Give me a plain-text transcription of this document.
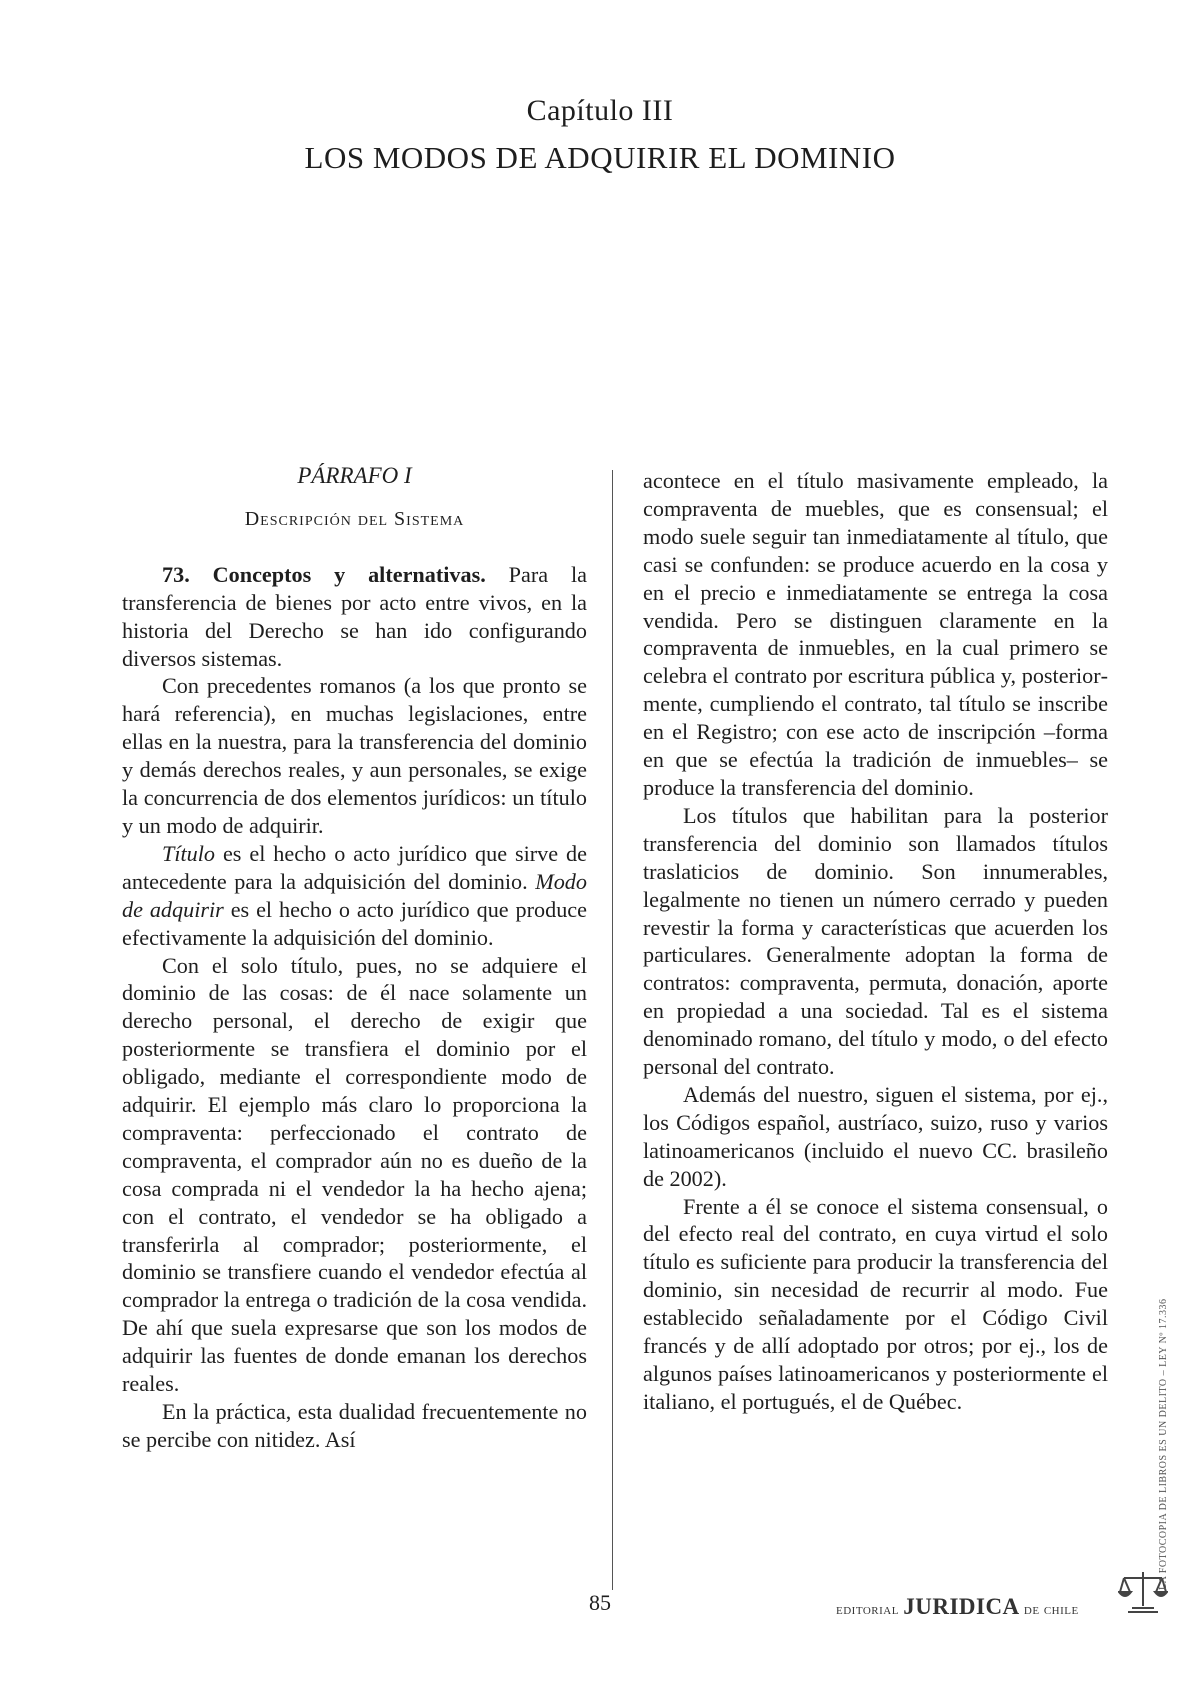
Capítulo III
LOS MODOS DE ADQUIRIR EL DOMINIO
PÁRRAFO I
Descripción del Sistema

73. Conceptos y alternativas. Para la transferencia de bienes por acto entre vivos, en la historia del Derecho se han ido configurando diversos sistemas.

Con precedentes romanos (a los que pronto se hará referencia), en muchas legislaciones, entre ellas en la nuestra, para la transferencia del dominio y demás derechos reales, y aun personales, se exige la concurrencia de dos elementos jurídicos: un título y un modo de adquirir.

Título es el hecho o acto jurídico que sirve de antecedente para la adquisición del dominio. Modo de adquirir es el hecho o acto jurídico que produce efectivamente la adquisición del dominio.

Con el solo título, pues, no se adquiere el dominio de las cosas: de él nace solamente un derecho personal, el derecho de exigir que posteriormente se transfiera el dominio por el obligado, mediante el correspondiente modo de adquirir. El ejemplo más claro lo proporciona la compraventa: perfeccionado el contrato de compraventa, el comprador aún no es dueño de la cosa comprada ni el vendedor la ha hecho ajena; con el contrato, el vendedor se ha obligado a transferirla al comprador; posteriormente, el dominio se transfiere cuando el vendedor efectúa al comprador la entrega o tradición de la cosa vendida. De ahí que suela expresarse que son los modos de adquirir las fuentes de donde emanan los derechos reales.

En la práctica, esta dualidad frecuentemente no se percibe con nitidez. Así

acontece en el título masivamente empleado, la compraventa de muebles, que es consensual; el modo suele seguir tan inmediatamente al título, que casi se confunden: se produce acuerdo en la cosa y en el precio e inmediatamente se entrega la cosa vendida. Pero se distinguen claramente en la compraventa de inmuebles, en la cual primero se celebra el contrato por escritura pública y, posteriormente, cumpliendo el contrato, tal título se inscribe en el Registro; con ese acto de inscripción –forma en que se efectúa la tradición de inmuebles– se produce la transferencia del dominio.

Los títulos que habilitan para la posterior transferencia del dominio son llamados títulos traslaticios de dominio. Son innumerables, legalmente no tienen un número cerrado y pueden revestir la forma y características que acuerden los particulares. Generalmente adoptan la forma de contratos: compraventa, permuta, donación, aporte en propiedad a una sociedad. Tal es el sistema denominado romano, del título y modo, o del efecto personal del contrato.

Además del nuestro, siguen el sistema, por ej., los Códigos español, austríaco, suizo, ruso y varios latinoamericanos (incluido el nuevo CC. brasileño de 2002).

Frente a él se conoce el sistema consensual, o del efecto real del contrato, en cuya virtud el solo título es suficiente para producir la transferencia del dominio, sin necesidad de recurrir al modo. Fue establecido señaladamente por el Código Civil francés y de allí adoptado por otros; por ej., los de algunos países latinoamericanos y posteriormente el italiano, el portugués, el de Québec.

85	editorial JURIDICA de chile
LA FOTOCOPIA DE LIBROS ES UN DELITO – LEY Nº 17.336
